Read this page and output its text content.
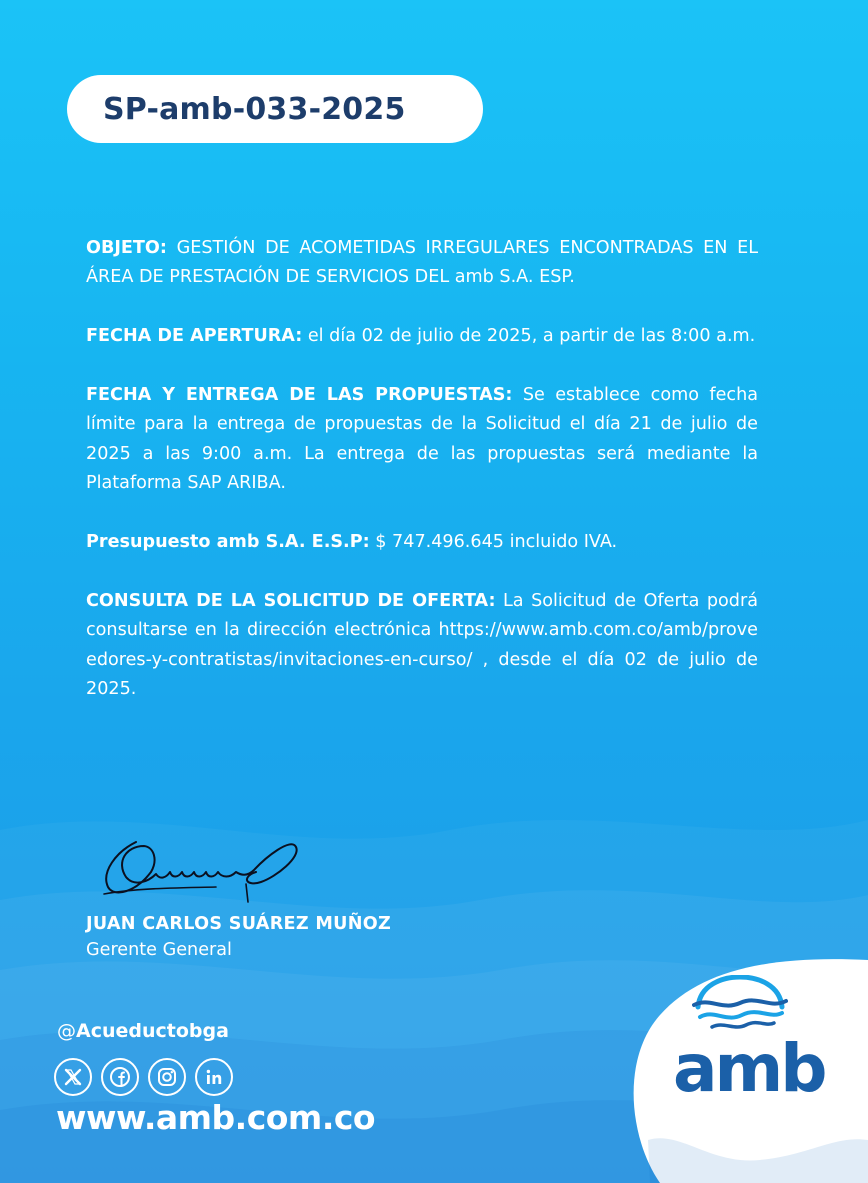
SP-amb-033-2025

OBJETO: GESTIÓN DE ACOMETIDAS IRREGULARES ENCONTRADAS EN EL ÁREA DE PRESTACIÓN DE SERVICIOS DEL amb S.A. ESP.

FECHA DE APERTURA: el día 02 de julio de 2025, a partir de las 8:00 a.m.

FECHA Y ENTREGA DE LAS PROPUESTAS: Se establece como fecha límite para la entrega de propuestas de la Solicitud el día 21 de julio de 2025 a las 9:00 a.m. La entrega de las propuestas será mediante la Plataforma SAP ARIBA.

Presupuesto amb S.A. E.S.P: $ 747.496.645 incluido IVA.

CONSULTA DE LA SOLICITUD DE OFERTA: La Solicitud de Oferta podrá consultarse en la dirección electrónica https://www.amb.com.co/amb/proveedores-y-contratistas/invitaciones-en-curso/ , desde el día 02 de julio de 2025.

JUAN CARLOS SUÁREZ MUÑOZ
Gerente General
@Acueductobga
www.amb.com.co
amb
